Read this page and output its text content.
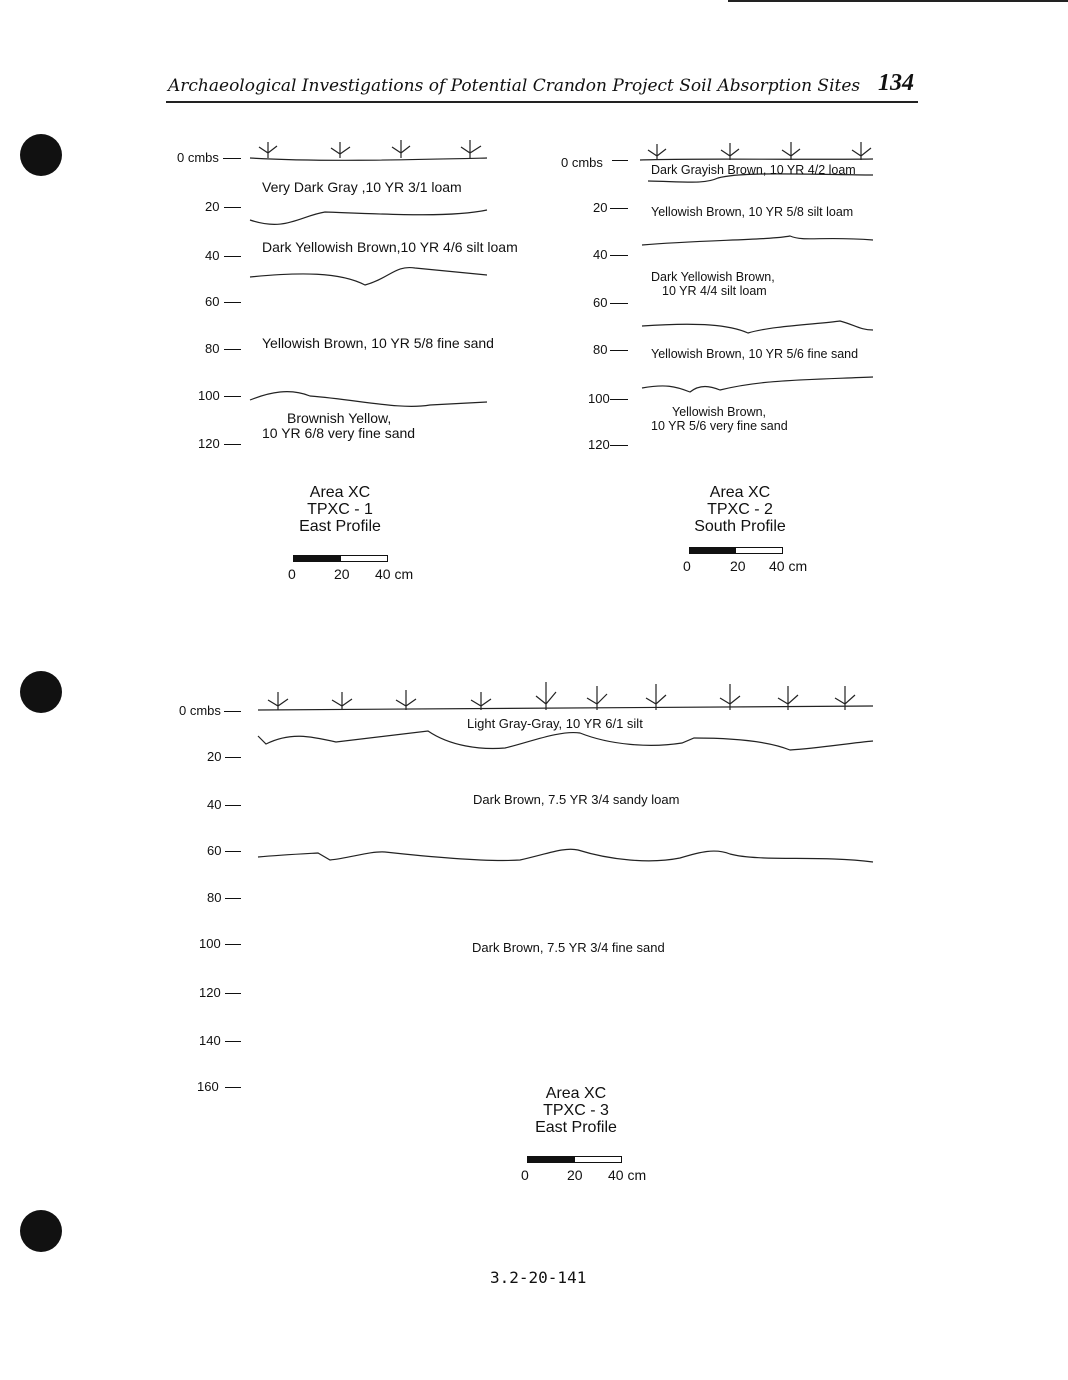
Archaeological Investigations of Potential Crandon Project Soil Absorption Sites 134
0 cmbs
20
40
60
80
100
120
Very Dark Gray ,10 YR 3/1 loam
Dark Yellowish Brown,10 YR 4/6 silt loam
Yellowish Brown, 10 YR 5/8 fine sand
Brownish Yellow,
10 YR 6/8 very fine sand
Area XC
TPXC - 1
East Profile
0	20 40 cm
0 cmbs
20
40
60
80
100
120
Dark Grayish Brown, 10 YR 4/2 loam
Yellowish Brown, 10 YR 5/8 silt loam
Dark Yellowish Brown,
10 YR 4/4 silt loam
Yellowish Brown, 10 YR 5/6 fine sand
Yellowish Brown,
10 YR 5/6 very fine sand
Area XC
TPXC - 2
South Profile
0	20 40 cm
0 cmbs
20
40
60
80
100
120
140
160
Light Gray-Gray, 10 YR 6/1 silt
Dark Brown, 7.5 YR 3/4 sandy loam
Dark Brown, 7.5 YR 3/4 fine sand
Area XC
TPXC - 3
East Profile
0	20 40 cm
3.2-20-141
